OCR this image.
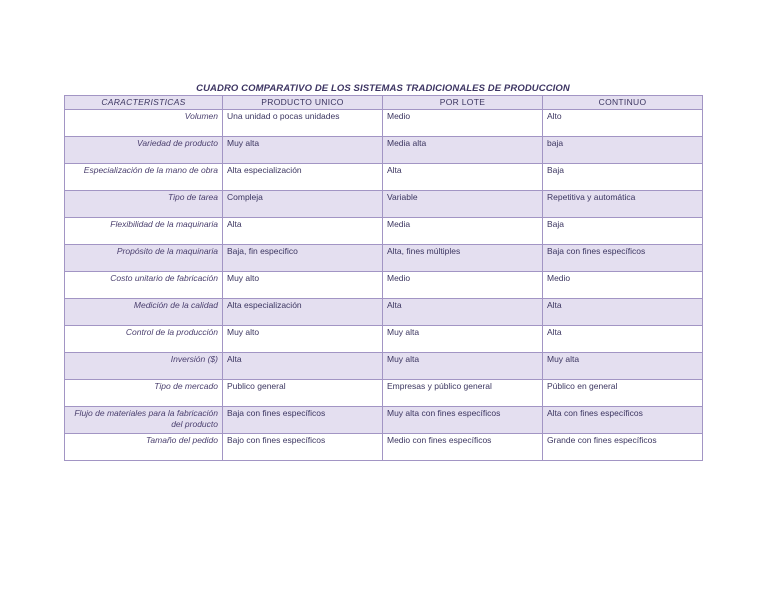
CUADRO COMPARATIVO DE LOS SISTEMAS TRADICIONALES DE PRODUCCION
CARACTERISTICAS	PRODUCTO UNICO	POR LOTE	CONTINUO
Volumen	Una unidad o pocas unidades	Medio	Alto
Variedad de producto	Muy alta	Media alta	baja
Especialización de la mano de obra	Alta especialización	Alta	Baja
Tipo de tarea	Compleja	Variable	Repetitiva y automática
Flexibilidad de la maquinaria	Alta	Media	Baja
Propósito de la maquinaria	Baja, fin especifico	Alta, fines múltiples	Baja con fines específicos
Costo unitario de fabricación	Muy alto	Medio	Medio
Medición de la calidad	Alta especialización	Alta	Alta
Control de la producción	Muy alto	Muy alta	Alta
Inversión ($)	Alta	Muy alta	Muy alta
Tipo de mercado	Publico general	Empresas y público general	Público en general
Flujo de materiales para la fabricación del producto	Baja con fines específicos	Muy alta con fines específicos	Alta con fines específicos
Tamaño del pedido	Bajo con fines específicos	Medio con fines específicos	Grande con fines específicos
